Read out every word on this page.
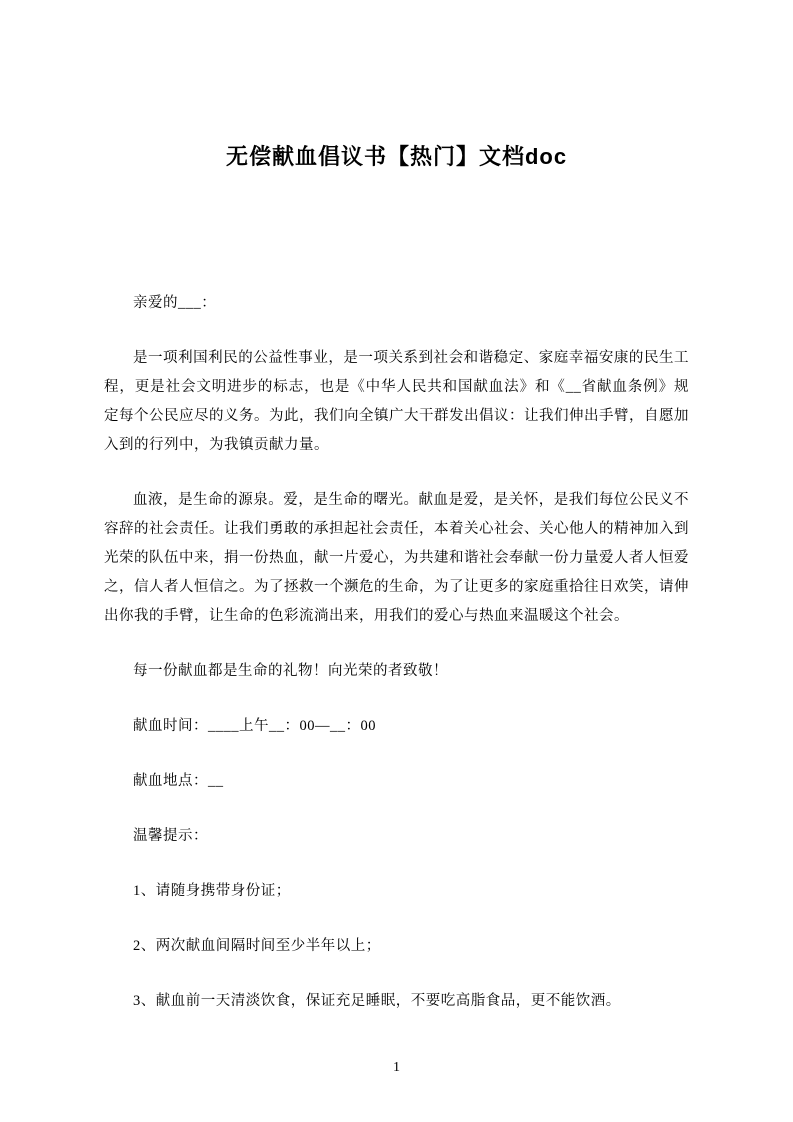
无偿献血倡议书【热门】文档doc

亲爱的___：

是一项利国利民的公益性事业，是一项关系到社会和谐稳定、家庭幸福安康的民生工程，更是社会文明进步的标志，也是《中华人民共和国献血法》和《__省献血条例》规定每个公民应尽的义务。为此，我们向全镇广大干群发出倡议：让我们伸出手臂，自愿加入到的行列中，为我镇贡献力量。

血液，是生命的源泉。爱，是生命的曙光。献血是爱，是关怀，是我们每位公民义不容辞的社会责任。让我们勇敢的承担起社会责任，本着关心社会、关心他人的精神加入到光荣的队伍中来，捐一份热血，献一片爱心，为共建和谐社会奉献一份力量爱人者人恒爱之，信人者人恒信之。为了拯救一个濒危的生命，为了让更多的家庭重拾往日欢笑，请伸出你我的手臂，让生命的色彩流淌出来，用我们的爱心与热血来温暖这个社会。

每一份献血都是生命的礼物！向光荣的者致敬！

献血时间：____上午__：00—__：00

献血地点：__

温馨提示：

1、请随身携带身份证；

2、两次献血间隔时间至少半年以上；

3、献血前一天清淡饮食，保证充足睡眠，不要吃高脂食品，更不能饮酒。

1
